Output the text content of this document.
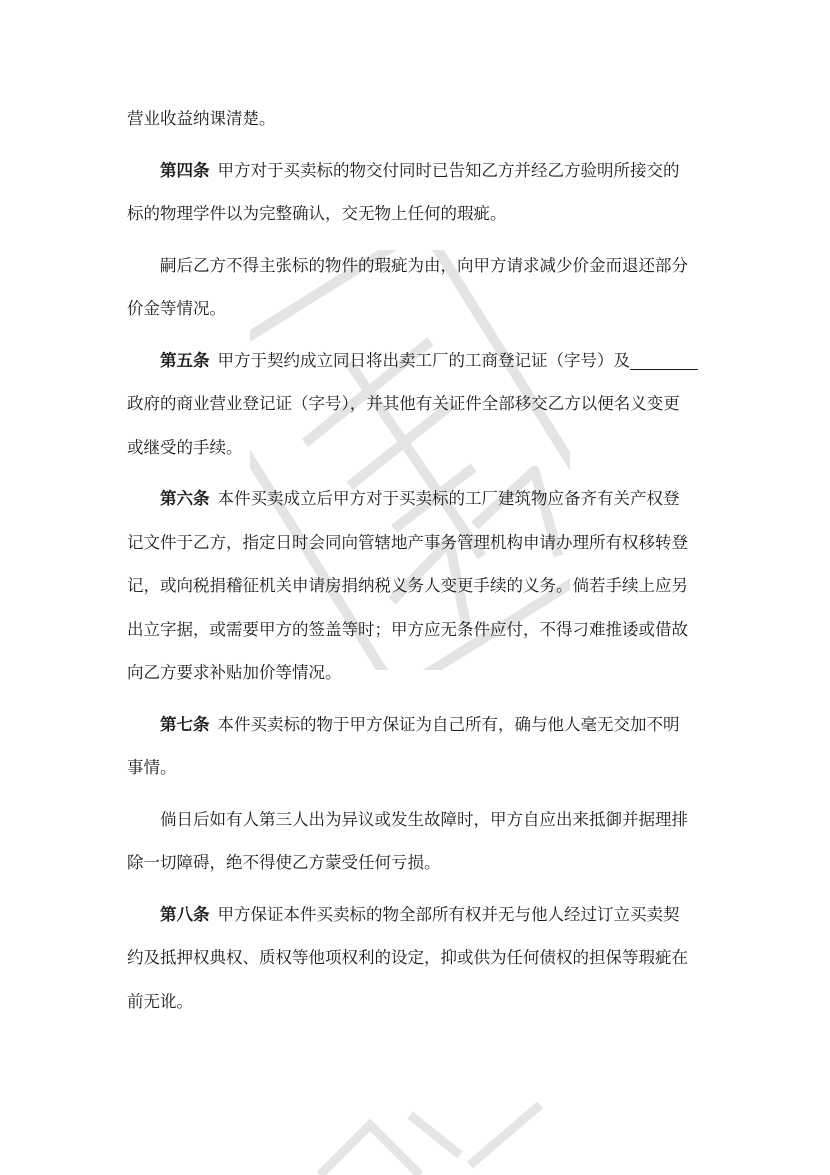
营业收益纳课清楚。

第四条 甲方对于买卖标的物交付同时已告知乙方并经乙方验明所接交的
标的物理学件以为完整确认，交无物上任何的瑕疵。

嗣后乙方不得主张标的物件的瑕疵为由，向甲方请求减少价金而退还部分
价金等情况。

第五条 甲方于契约成立同日将出卖工厂的工商登记证（字号）及
政府的商业营业登记证（字号），并其他有关证件全部移交乙方以便名义变更
或继受的手续。

第六条 本件买卖成立后甲方对于买卖标的工厂建筑物应备齐有关产权登
记文件于乙方，指定日时会同向管辖地产事务管理机构申请办理所有权移转登
记，或向税捐稽征机关申请房捐纳税义务人变更手续的义务。倘若手续上应另
出立字据，或需要甲方的签盖等时；甲方应无条件应付，不得刁难推诿或借故
向乙方要求补贴加价等情况。

第七条 本件买卖标的物于甲方保证为自己所有，确与他人毫无交加不明
事情。

倘日后如有人第三人出为异议或发生故障时，甲方自应出来抵御并据理排
除一切障碍，绝不得使乙方蒙受任何亏损。

第八条 甲方保证本件买卖标的物全部所有权并无与他人经过订立买卖契
约及抵押权典权、质权等他项权利的设定，抑或供为任何债权的担保等瑕疵在
前无讹。
